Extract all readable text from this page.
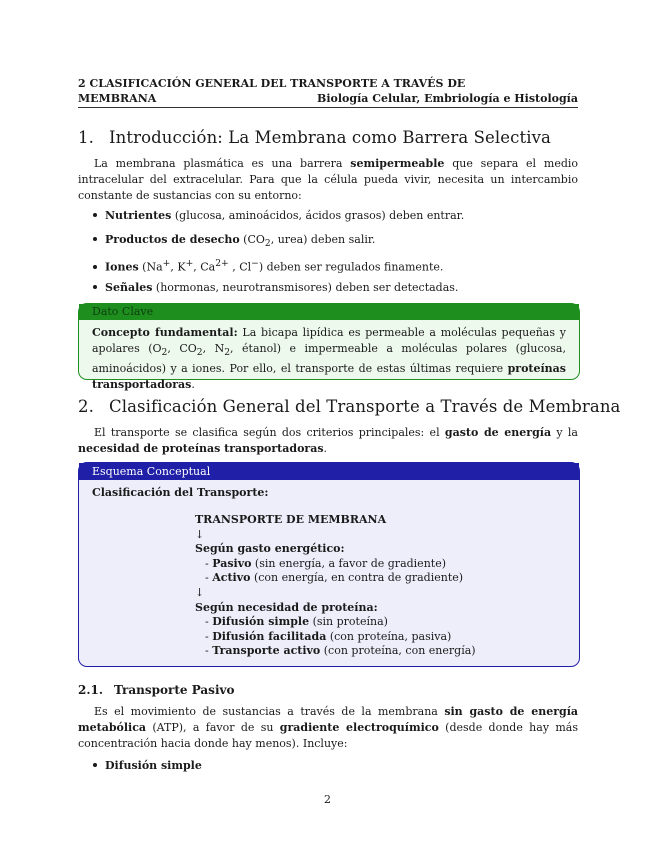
2 CLASIFICACIÓN GENERAL DEL TRANSPORTE A TRAVÉS DE
MEMBRANA	Biología Celular, Embriología e Histología
1. Introducción: La Membrana como Barrera Selectiva

La membrana plasmática es una barrera semipermeable que separa el medio intracelular del extracelular. Para que la célula pueda vivir, necesita un intercambio constante de sustancias con su entorno:

Nutrientes (glucosa, aminoácidos, ácidos grasos) deben entrar.
Productos de desecho ($CO_2$, urea) deben salir.
Iones (Na+, K+, $Ca^{2+}$ , Cl−) deben ser regulados finamente.
Señales (hormonas, neurotransmisores) deben ser detectadas.
Dato Clave
Concepto fundamental: La bicapa lipídica es permeable a moléculas pequeñas y apolares ($O_2$, $CO_2$, $N_2$, étanol) e impermeable a moléculas polares (glucosa, aminoácidos) y a iones. Por ello, el transporte de estas últimas requiere proteínas transportadoras.
2. Clasificación General del Transporte a Través de Membrana

El transporte se clasifica según dos criterios principales: el gasto de energía y la necesidad de proteínas transportadoras.

Esquema Conceptual
Clasificación del Transporte:
TRANSPORTE DE MEMBRANA
↓
Según gasto energético:
- Pasivo (sin energía, a favor de gradiente)
- Activo (con energía, en contra de gradiente)
↓
Según necesidad de proteína:
- Difusión simple (sin proteína)
- Difusión facilitada (con proteína, pasiva)
- Transporte activo (con proteína, con energía)
2.1. Transporte Pasivo

Es el movimiento de sustancias a través de la membrana sin gasto de energía metabólica (ATP), a favor de su gradiente electroquímico (desde donde hay más concentración hacia donde hay menos). Incluye:

Difusión simple
2
